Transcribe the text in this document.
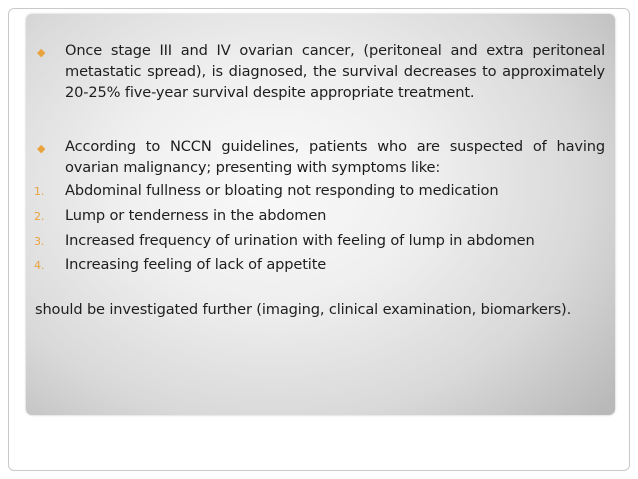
◆ Once stage III and IV ovarian cancer, (peritoneal and extra peritoneal metastatic spread), is diagnosed, the survival decreases to approximately 20-25% five-year survival despite appropriate treatment.
◆ According to NCCN guidelines, patients who are suspected of having ovarian malignancy; presenting with symptoms like:
1. Abdominal fullness or bloating not responding to medication
2. Lump or tenderness in the abdomen
3. Increased frequency of urination with feeling of lump in abdomen
4. Increasing feeling of lack of appetite
should be investigated further (imaging, clinical examination, biomarkers).
